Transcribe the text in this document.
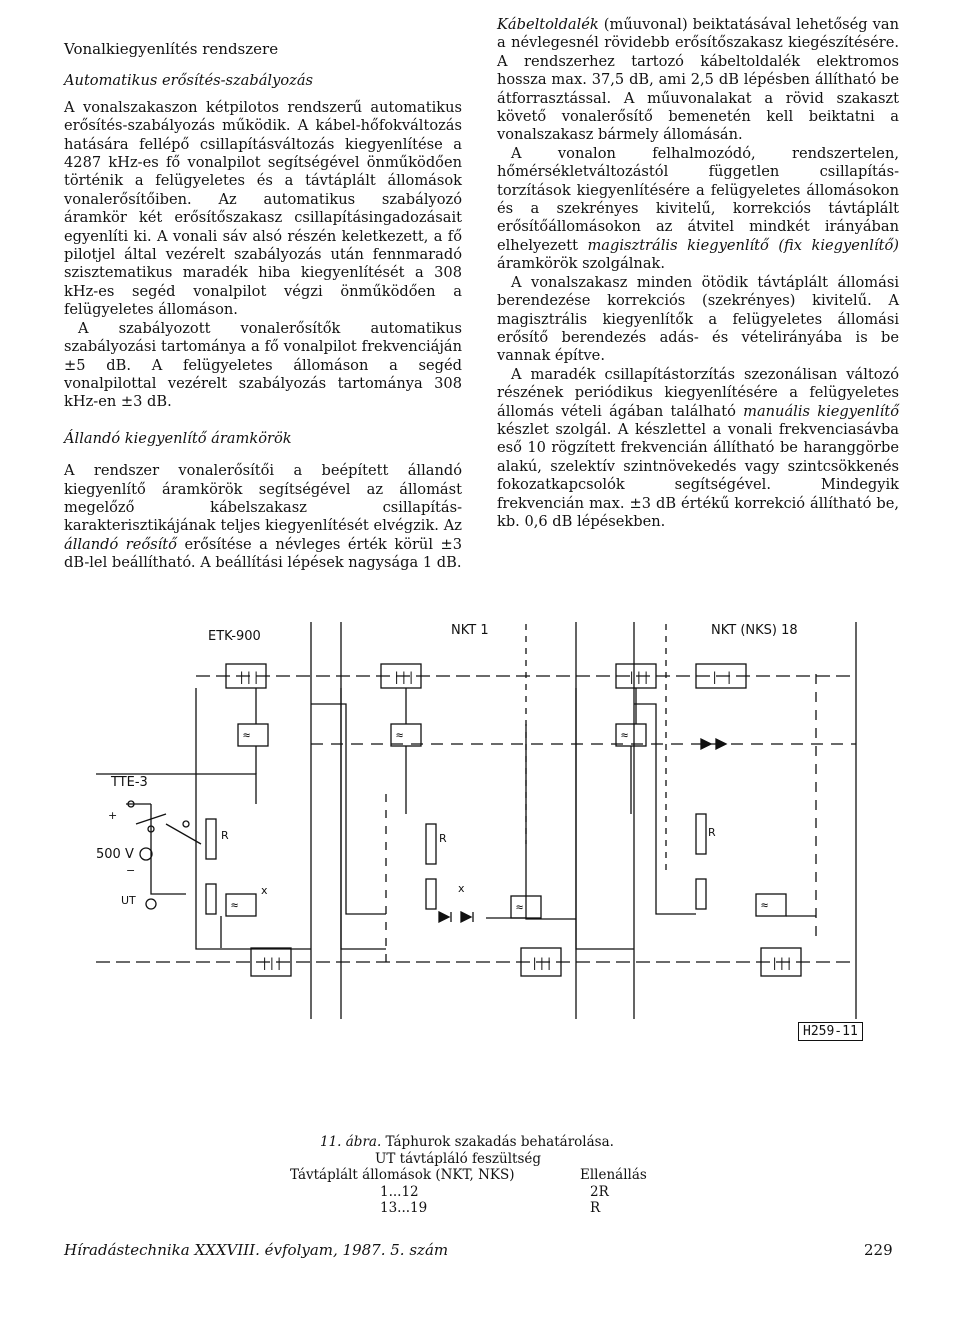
Vonalkiegyenlítés rendszere
Automatikus erősítés-szabályozás

A vonalszakaszon kétpilotos rendszerű automatikus erősítés-szabályozás működik. A kábel-hőfokváltozás hatására fellépő csillapításváltozás kiegyenlítése a 4287 kHz-es fő vonalpilot segítségével önműködően történik a felügyeletes és a távtáplált állomások vonalerősítőiben. Az automatikus szabályozó áramkör két erősítőszakasz csillapításingadozásait egyenlíti ki. A vonali sáv alsó részén keletkezett, a fő pilotjel által vezérelt szabályozás után fennmaradó szisztematikus maradék hiba kiegyenlítését a 308 kHz-es segéd vonalpilot végzi önműködően a felügyeletes állomáson.

A szabályozott vonalerősítők automatikus szabályozási tartománya a fő vonalpilot frekvenciáján ±5 dB. A felügyeletes állomáson a segéd vonalpilottal vezérelt szabályozás tartománya 308 kHz-en ±3 dB.

Állandó kiegyenlítő áramkörök

A rendszer vonalerősítői a beépített állandó kiegyenlítő áramkörök segítségével az állomást megelőző kábelszakasz csillapítás-karakterisztikájának teljes kiegyenlítését elvégzik. Az állandó reősítő erősítése a névleges érték körül ±3 dB-lel beállítható. A beállítási lépések nagysága 1 dB.

Kábeltoldalék (műuvonal) beiktatásával lehetőség van a névlegesnél rövidebb erősítőszakasz kiegészítésére. A rendszerhez tartozó kábeltoldalék elektromos hossza max. 37,5 dB, ami 2,5 dB lépésben állítható be átforrasztással. A műuvonalakat a rövid szakaszt követő vonalerősítő bemenetén kell beiktatni a vonalszakasz bármely állomásán.

A vonalon felhalmozódó, rendszertelen, hőmérsékletváltozástól független csillapítás-torzítások kiegyenlítésére a felügyeletes állomásokon és a szekrényes kivitelű, korrekciós távtáplált erősítőállomásokon az átvitel mindkét irányában elhelyezett magisztrális kiegyenlítő (fix kiegyenlítő) áramkörök szolgálnak.

A vonalszakasz minden ötödik távtáplált állomási berendezése korrekciós (szekrényes) kivitelű. A magisztrális kiegyenlítők a felügyeletes állomási erősítő berendezés adás- és vételirányába is be vannak építve.

A maradék csillapítástorzítás szezonálisan változó részének periódikus kiegyenlítésére a felügyeletes állomás vételi ágában található manuális kiegyenlítő készlet szolgál. A készlettel a vonali frekvenciasávba eső 10 rögzített frekvencián állítható be haranggörbe alakú, szelektív szintnövekedés vagy szintcsökkenés fokozatkapcsolók segítségével. Mindegyik frekvencián max. ±3 dB értékű korrekció állítható be, kb. 0,6 dB lépésekben.

|||	|||	|||	| |
|||	|||	|||
≈	≈	≈
≈	≈	≈
ETK-900	NKT 1	NKT (NKS) 18
TTE-3
500 V
UT
R	R	R
x	x
+
−
H259-11
11. ábra. Táphurok szakadás behatárolása.
UT távtápláló feszültség
Távtáplált állomások (NKT, NKS)	Ellenállás
1...12	2R
13...19	R
Híradástechnika XXXVIII. évfolyam, 1987. 5. szám	229
